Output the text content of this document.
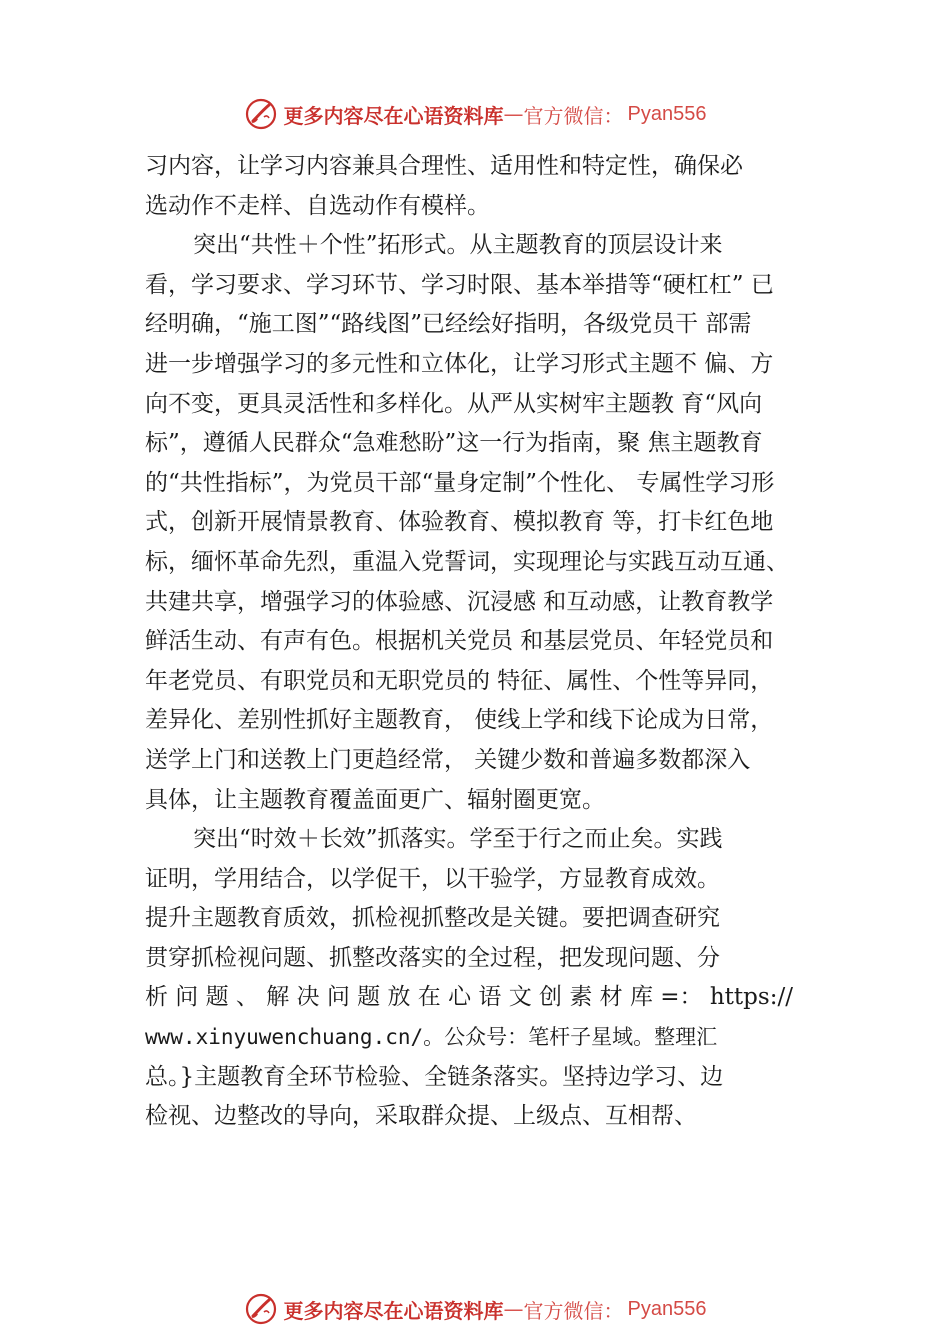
更多内容尽在心语资料库 — 官方微信： Pyan556
习内容，让学习内容兼具合理性、适用性和特定性，确保必
选动作不走样、自选动作有模样。
突出“共性＋个性”拓形式。从主题教育的顶层设计来
看，学习要求、学习环节、学习时限、基本举措等“硬杠杠” 已
经明确，“施工图”“路线图”已经绘好指明，各级党员干 部需
进一步增强学习的多元性和立体化，让学习形式主题不 偏、方
向不变，更具灵活性和多样化。从严从实树牢主题教 育“风向
标”，遵循人民群众“急难愁盼”这一行为指南，聚 焦主题教育
的“共性指标”，为党员干部“量身定制”个性化、 专属性学习形
式，创新开展情景教育、体验教育、模拟教育 等，打卡红色地
标，缅怀革命先烈，重温入党誓词，实现理论与实践互动互通、
共建共享，增强学习的体验感、沉浸感 和互动感，让教育教学
鲜活生动、有声有色。根据机关党员 和基层党员、年轻党员和
年老党员、有职党员和无职党员的 特征、属性、个性等异同，
差异化、差别性抓好主题教育， 使线上学和线下论成为日常，
送学上门和送教上门更趋经常， 关键少数和普遍多数都深入
具体，让主题教育覆盖面更广、辐射圈更宽。
突出“时效＋长效”抓落实。学至于行之而止矣。实践
证明，学用结合，以学促干，以干验学，方显教育成效。
提升主题教育质效，抓检视抓整改是关键。要把调查研究
贯穿抓检视问题、抓整改落实的全过程，把发现问题、分
析 问 题 、 解 决 问 题 放 在 心 语 文 创 素 材 库 =： https://
www.xinyuwenchuang.cn/。公众号：笔杆子星域。整理汇
总。}主题教育全环节检验、全链条落实。坚持边学习、边
检视、边整改的导向，采取群众提、上级点、互相帮、
更多内容尽在心语资料库 — 官方微信： Pyan556
